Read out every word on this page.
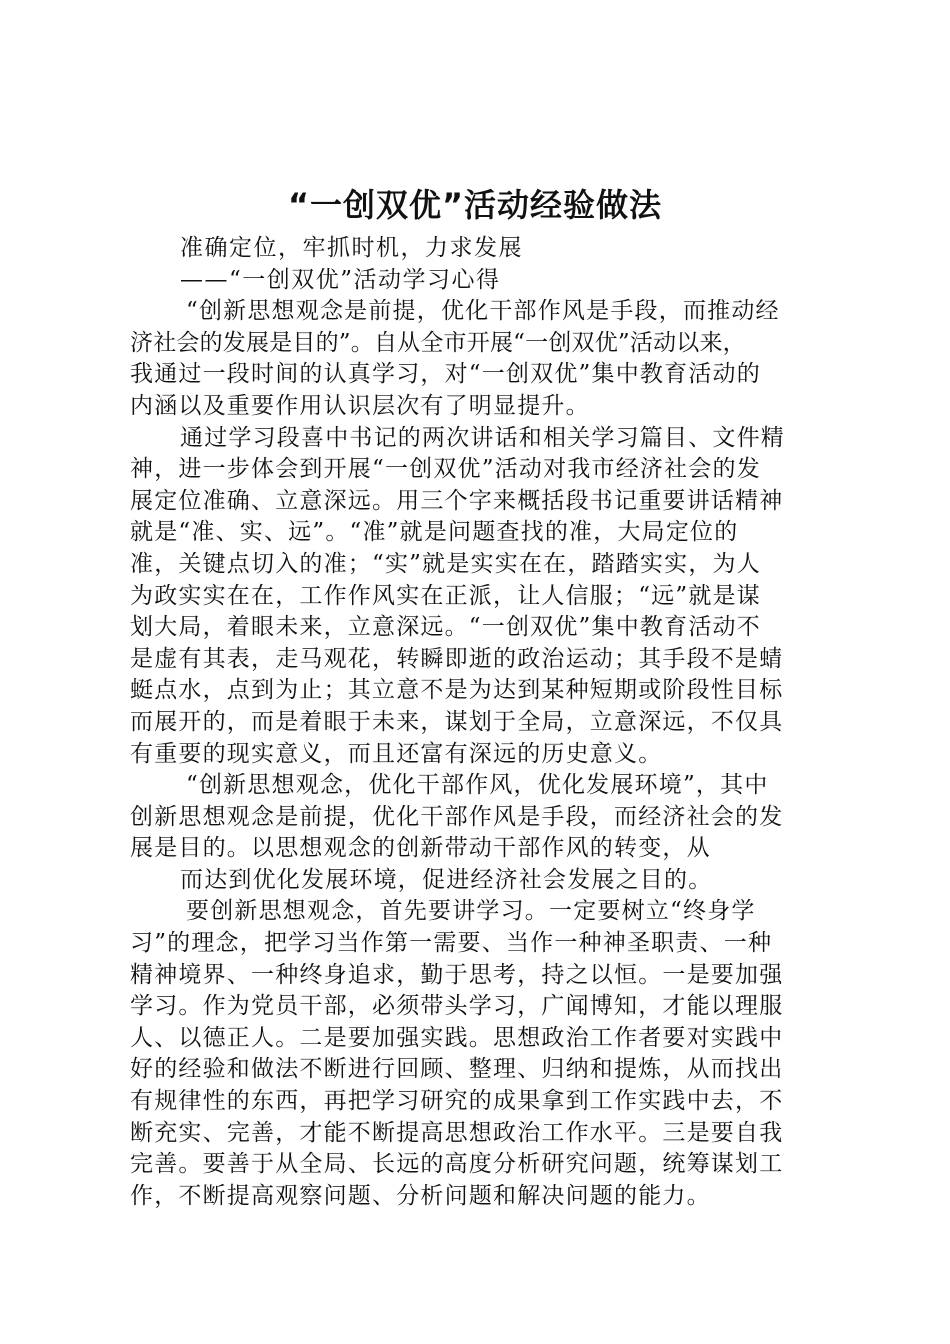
“一创双优”活动经验做法
准确定位，牢抓时机，力求发展
——“一创双优”活动学习心得
“创新思想观念是前提，优化干部作风是手段，而推动经
济社会的发展是目的”。自从全市开展“一创双优”活动以来，
我通过一段时间的认真学习，对“一创双优”集中教育活动的
内涵以及重要作用认识层次有了明显提升。
通过学习段喜中书记的两次讲话和相关学习篇目、文件精
神，进一步体会到开展“一创双优”活动对我市经济社会的发
展定位准确、立意深远。用三个字来概括段书记重要讲话精神
就是“准、实、远”。“准”就是问题查找的准，大局定位的
准，关键点切入的准；“实”就是实实在在，踏踏实实，为人
为政实实在在，工作作风实在正派，让人信服；“远”就是谋
划大局，着眼未来，立意深远。“一创双优”集中教育活动不
是虚有其表，走马观花，转瞬即逝的政治运动；其手段不是蜻
蜓点水，点到为止；其立意不是为达到某种短期或阶段性目标
而展开的，而是着眼于未来，谋划于全局，立意深远，不仅具
有重要的现实意义，而且还富有深远的历史意义。
“创新思想观念，优化干部作风，优化发展环境”，其中
创新思想观念是前提，优化干部作风是手段，而经济社会的发
展是目的。以思想观念的创新带动干部作风的转变，从
而达到优化发展环境，促进经济社会发展之目的。
要创新思想观念，首先要讲学习。一定要树立“终身学
习”的理念，把学习当作第一需要、当作一种神圣职责、一种
精神境界、一种终身追求，勤于思考，持之以恒。一是要加强
学习。作为党员干部，必须带头学习，广闻博知，才能以理服
人、以德正人。二是要加强实践。思想政治工作者要对实践中
好的经验和做法不断进行回顾、整理、归纳和提炼，从而找出
有规律性的东西，再把学习研究的成果拿到工作实践中去，不
断充实、完善，才能不断提高思想政治工作水平。三是要自我
完善。要善于从全局、长远的高度分析研究问题，统筹谋划工
作，不断提高观察问题、分析问题和解决问题的能力。
